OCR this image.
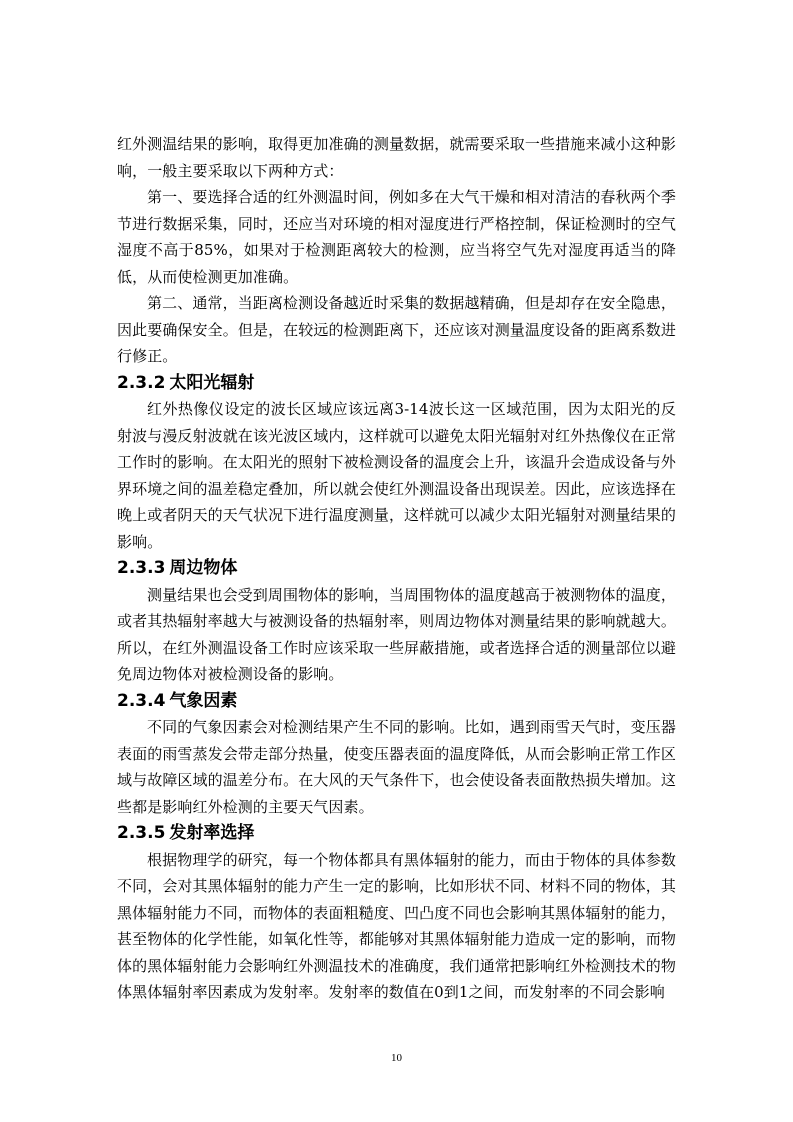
红外测温结果的影响，取得更加准确的测量数据，就需要采取一些措施来减小这种影响，一般主要采取以下两种方式：

第一、要选择合适的红外测温时间，例如多在大气干燥和相对清洁的春秋两个季节进行数据采集，同时，还应当对环境的相对湿度进行严格控制，保证检测时的空气湿度不高于85%，如果对于检测距离较大的检测，应当将空气先对湿度再适当的降低，从而使检测更加准确。

第二、通常，当距离检测设备越近时采集的数据越精确，但是却存在安全隐患，因此要确保安全。但是，在较远的检测距离下，还应该对测量温度设备的距离系数进行修正。

2.3.2 太阳光辐射

红外热像仪设定的波长区域应该远离3-14波长这一区域范围，因为太阳光的反射波与漫反射波就在该光波区域内，这样就可以避免太阳光辐射对红外热像仪在正常工作时的影响。在太阳光的照射下被检测设备的温度会上升，该温升会造成设备与外界环境之间的温差稳定叠加，所以就会使红外测温设备出现误差。因此，应该选择在晚上或者阴天的天气状况下进行温度测量，这样就可以减少太阳光辐射对测量结果的影响。

2.3.3 周边物体

测量结果也会受到周围物体的影响，当周围物体的温度越高于被测物体的温度，或者其热辐射率越大与被测设备的热辐射率，则周边物体对测量结果的影响就越大。所以，在红外测温设备工作时应该采取一些屏蔽措施，或者选择合适的测量部位以避免周边物体对被检测设备的影响。

2.3.4 气象因素

不同的气象因素会对检测结果产生不同的影响。比如，遇到雨雪天气时，变压器表面的雨雪蒸发会带走部分热量，使变压器表面的温度降低，从而会影响正常工作区域与故障区域的温差分布。在大风的天气条件下，也会使设备表面散热损失增加。这些都是影响红外检测的主要天气因素。

2.3.5 发射率选择

根据物理学的研究，每一个物体都具有黑体辐射的能力，而由于物体的具体参数不同，会对其黑体辐射的能力产生一定的影响，比如形状不同、材料不同的物体，其黑体辐射能力不同，而物体的表面粗糙度、凹凸度不同也会影响其黑体辐射的能力，甚至物体的化学性能，如氧化性等，都能够对其黑体辐射能力造成一定的影响，而物体的黑体辐射能力会影响红外测温技术的准确度，我们通常把影响红外检测技术的物体黑体辐射率因素成为发射率。发射率的数值在0到1之间，而发射率的不同会影响

10
